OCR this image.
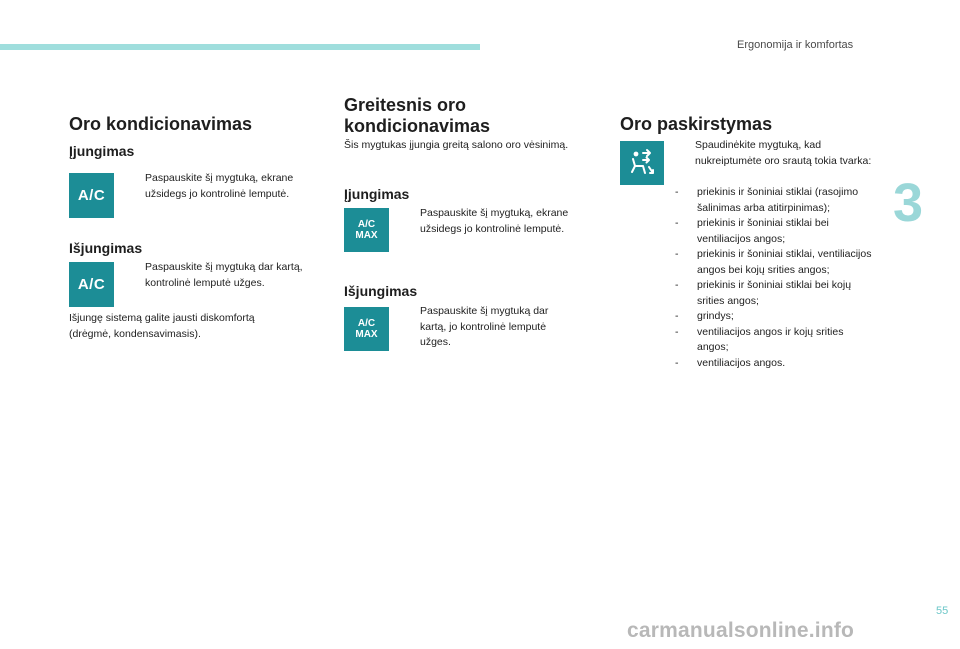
Ergonomija ir komfortas
3
Oro kondicionavimas
Įjungimas
A/C
Paspauskite šį mygtuką, ekrane užsidegs jo kontrolinė lemputė.
Išjungimas
A/C
Paspauskite šį mygtuką dar kartą, kontrolinė lemputė užges.
Išjungę sistemą galite jausti diskomfortą (drėgmė, kondensavimasis).
Greitesnis oro
kondicionavimas
Šis mygtukas įjungia greitą salono oro vėsinimą.
Įjungimas
A/C
MAX
Paspauskite šį mygtuką, ekrane užsidegs jo kontrolinė lemputė.
Išjungimas
A/C
MAX
Paspauskite šį mygtuką dar kartą, jo kontrolinė lemputė užges.
Oro paskirstymas
Spaudinėkite mygtuką, kad nukreiptumėte oro srautą tokia tvarka:
-	priekinis ir šoniniai stiklai (rasojimo šalinimas arba atitirpinimas);
-	priekinis ir šoniniai stiklai bei ventiliacijos angos;
-	priekinis ir šoniniai stiklai, ventiliacijos angos bei kojų srities angos;
-	priekinis ir šoniniai stiklai bei kojų srities angos;
-	grindys;
-	ventiliacijos angos ir kojų srities angos;
-	ventiliacijos angos.
55
carmanualsonline.info
